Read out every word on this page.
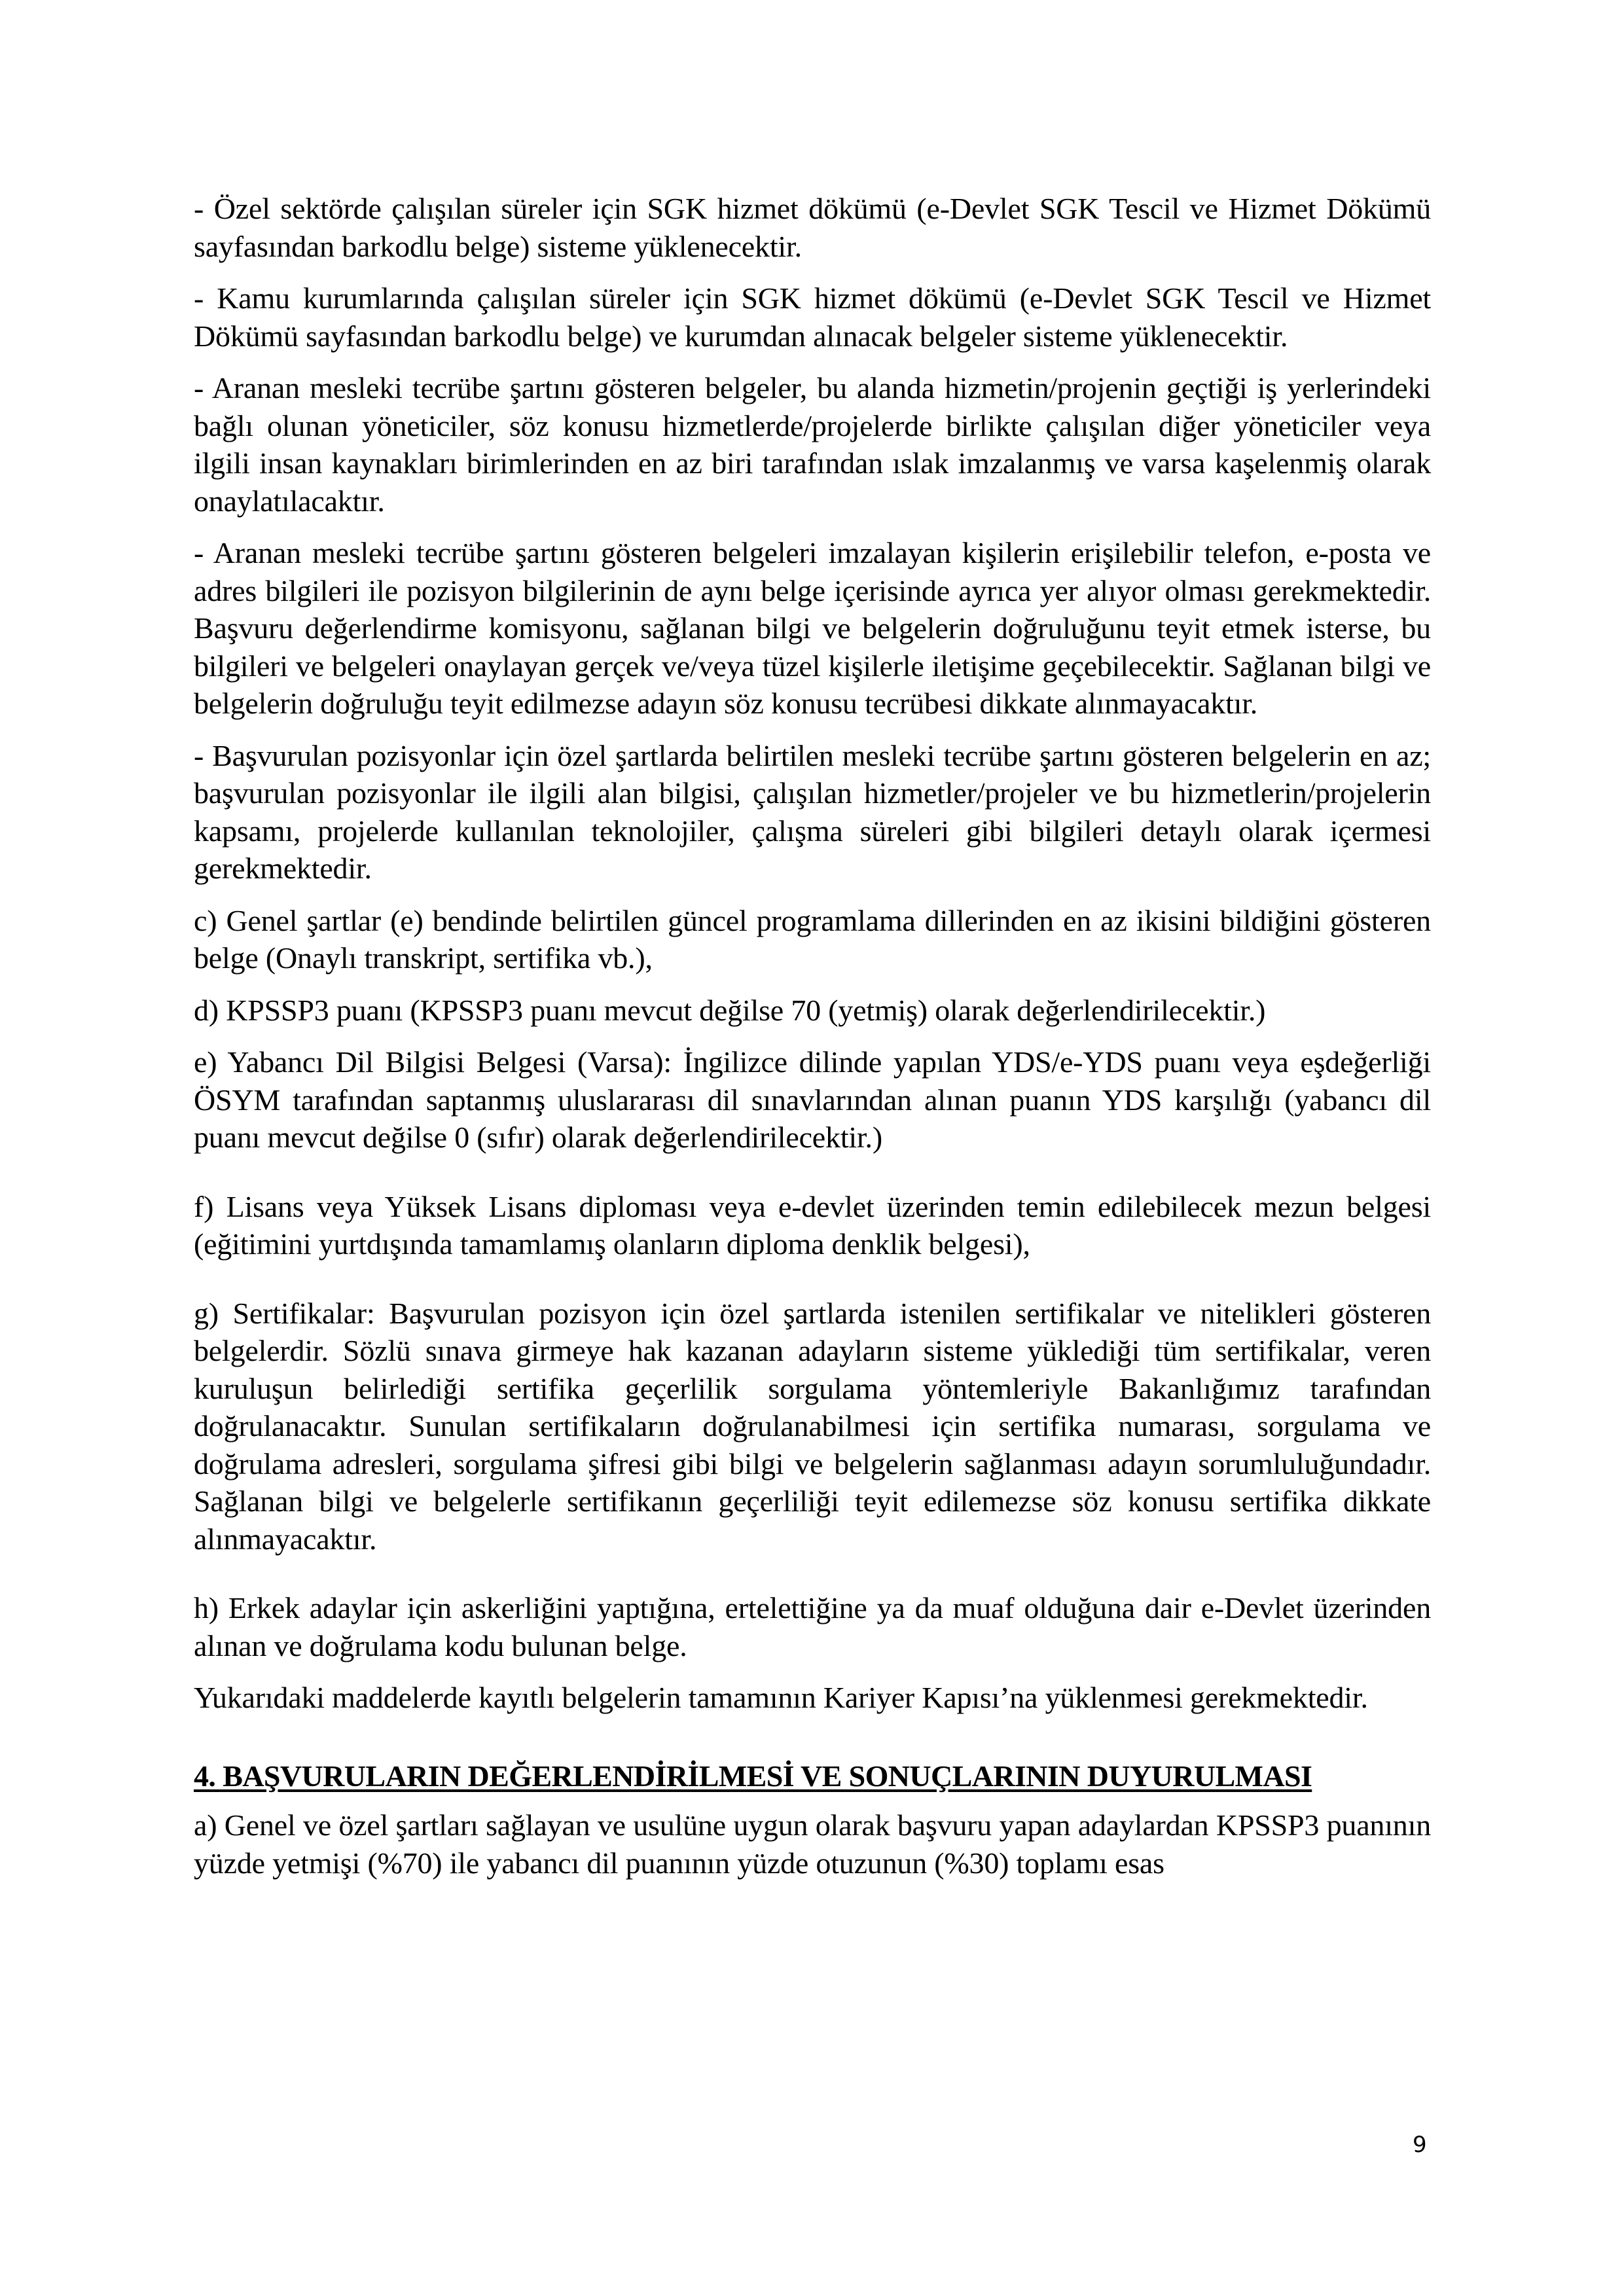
- Özel sektörde çalışılan süreler için SGK hizmet dökümü (e-Devlet SGK Tescil ve Hizmet Dökümü sayfasından barkodlu belge) sisteme yüklenecektir.

- Kamu kurumlarında çalışılan süreler için SGK hizmet dökümü (e-Devlet SGK Tescil ve Hizmet Dökümü sayfasından barkodlu belge) ve kurumdan alınacak belgeler sisteme yüklenecektir.

- Aranan mesleki tecrübe şartını gösteren belgeler, bu alanda hizmetin/projenin geçtiği iş yerlerindeki bağlı olunan yöneticiler, söz konusu hizmetlerde/projelerde birlikte çalışılan diğer yöneticiler veya ilgili insan kaynakları birimlerinden en az biri tarafından ıslak imzalanmış ve varsa kaşelenmiş olarak onaylatılacaktır.

- Aranan mesleki tecrübe şartını gösteren belgeleri imzalayan kişilerin erişilebilir telefon, e-posta ve adres bilgileri ile pozisyon bilgilerinin de aynı belge içerisinde ayrıca yer alıyor olması gerekmektedir. Başvuru değerlendirme komisyonu, sağlanan bilgi ve belgelerin doğruluğunu teyit etmek isterse, bu bilgileri ve belgeleri onaylayan gerçek ve/veya tüzel kişilerle iletişime geçebilecektir. Sağlanan bilgi ve belgelerin doğruluğu teyit edilmezse adayın söz konusu tecrübesi dikkate alınmayacaktır.

- Başvurulan pozisyonlar için özel şartlarda belirtilen mesleki tecrübe şartını gösteren belgelerin en az; başvurulan pozisyonlar ile ilgili alan bilgisi, çalışılan hizmetler/projeler ve bu hizmetlerin/projelerin kapsamı, projelerde kullanılan teknolojiler, çalışma süreleri gibi bilgileri detaylı olarak içermesi gerekmektedir.

c) Genel şartlar (e) bendinde belirtilen güncel programlama dillerinden en az ikisini bildiğini gösteren belge (Onaylı transkript, sertifika vb.),

d) KPSSP3 puanı (KPSSP3 puanı mevcut değilse 70 (yetmiş) olarak değerlendirilecektir.)

e) Yabancı Dil Bilgisi Belgesi (Varsa): İngilizce dilinde yapılan YDS/e-YDS puanı veya eşdeğerliği ÖSYM tarafından saptanmış uluslararası dil sınavlarından alınan puanın YDS karşılığı (yabancı dil puanı mevcut değilse 0 (sıfır) olarak değerlendirilecektir.)

f) Lisans veya Yüksek Lisans diploması veya e-devlet üzerinden temin edilebilecek mezun belgesi (eğitimini yurtdışında tamamlamış olanların diploma denklik belgesi),

g) Sertifikalar: Başvurulan pozisyon için özel şartlarda istenilen sertifikalar ve nitelikleri gösteren belgelerdir. Sözlü sınava girmeye hak kazanan adayların sisteme yüklediği tüm sertifikalar, veren kuruluşun belirlediği sertifika geçerlilik sorgulama yöntemleriyle Bakanlığımız tarafından doğrulanacaktır. Sunulan sertifikaların doğrulanabilmesi için sertifika numarası, sorgulama ve doğrulama adresleri, sorgulama şifresi gibi bilgi ve belgelerin sağlanması adayın sorumluluğundadır. Sağlanan bilgi ve belgelerle sertifikanın geçerliliği teyit edilemezse söz konusu sertifika dikkate alınmayacaktır.

h) Erkek adaylar için askerliğini yaptığına, ertelettiğine ya da muaf olduğuna dair e-Devlet üzerinden alınan ve doğrulama kodu bulunan belge.

Yukarıdaki maddelerde kayıtlı belgelerin tamamının Kariyer Kapısı’na yüklenmesi gerekmektedir.

4. BAŞVURULARIN DEĞERLENDİRİLMESİ VE SONUÇLARININ DUYURULMASI

a) Genel ve özel şartları sağlayan ve usulüne uygun olarak başvuru yapan adaylardan KPSSP3 puanının yüzde yetmişi (%70) ile yabancı dil puanının yüzde otuzunun (%30) toplamı esas

9
